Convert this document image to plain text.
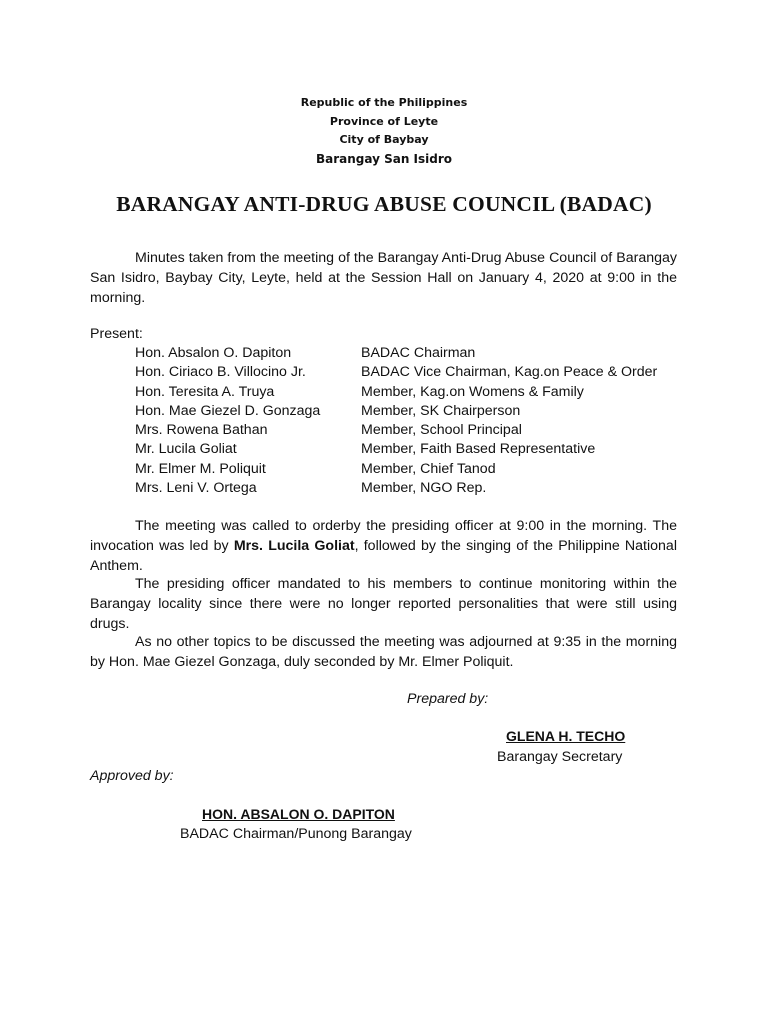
Republic of the Philippines
Province of Leyte
City of Baybay
Barangay San Isidro
BARANGAY ANTI-DRUG ABUSE COUNCIL (BADAC)

Minutes taken from the meeting of the Barangay Anti-Drug Abuse Council of Barangay San Isidro, Baybay City, Leyte, held at the Session Hall on January 4, 2020 at 9:00 in the morning.

Present:
Hon. Absalon O. Dapiton	BADAC Chairman
Hon. Ciriaco B. Villocino Jr.	BADAC Vice Chairman, Kag.on Peace & Order
Hon. Teresita A. Truya	Member, Kag.on Womens & Family
Hon. Mae Giezel D. Gonzaga	Member, SK Chairperson
Mrs. Rowena Bathan	Member, School Principal
Mr. Lucila Goliat	Member, Faith Based Representative
Mr. Elmer M. Poliquit	Member, Chief Tanod
Mrs. Leni V. Ortega	Member, NGO Rep.

The meeting was called to orderby the presiding officer at 9:00 in the morning. The invocation was led by Mrs. Lucila Goliat, followed by the singing of the Philippine National Anthem.

The presiding officer mandated to his members to continue monitoring within the Barangay locality since there were no longer reported personalities that were still using drugs.

As no other topics to be discussed the meeting was adjourned at 9:35 in the morning by Hon. Mae Giezel Gonzaga, duly seconded by Mr. Elmer Poliquit.

Prepared by:
GLENA H. TECHO
Barangay Secretary
Approved by:
HON. ABSALON O. DAPITON
BADAC Chairman/Punong Barangay
